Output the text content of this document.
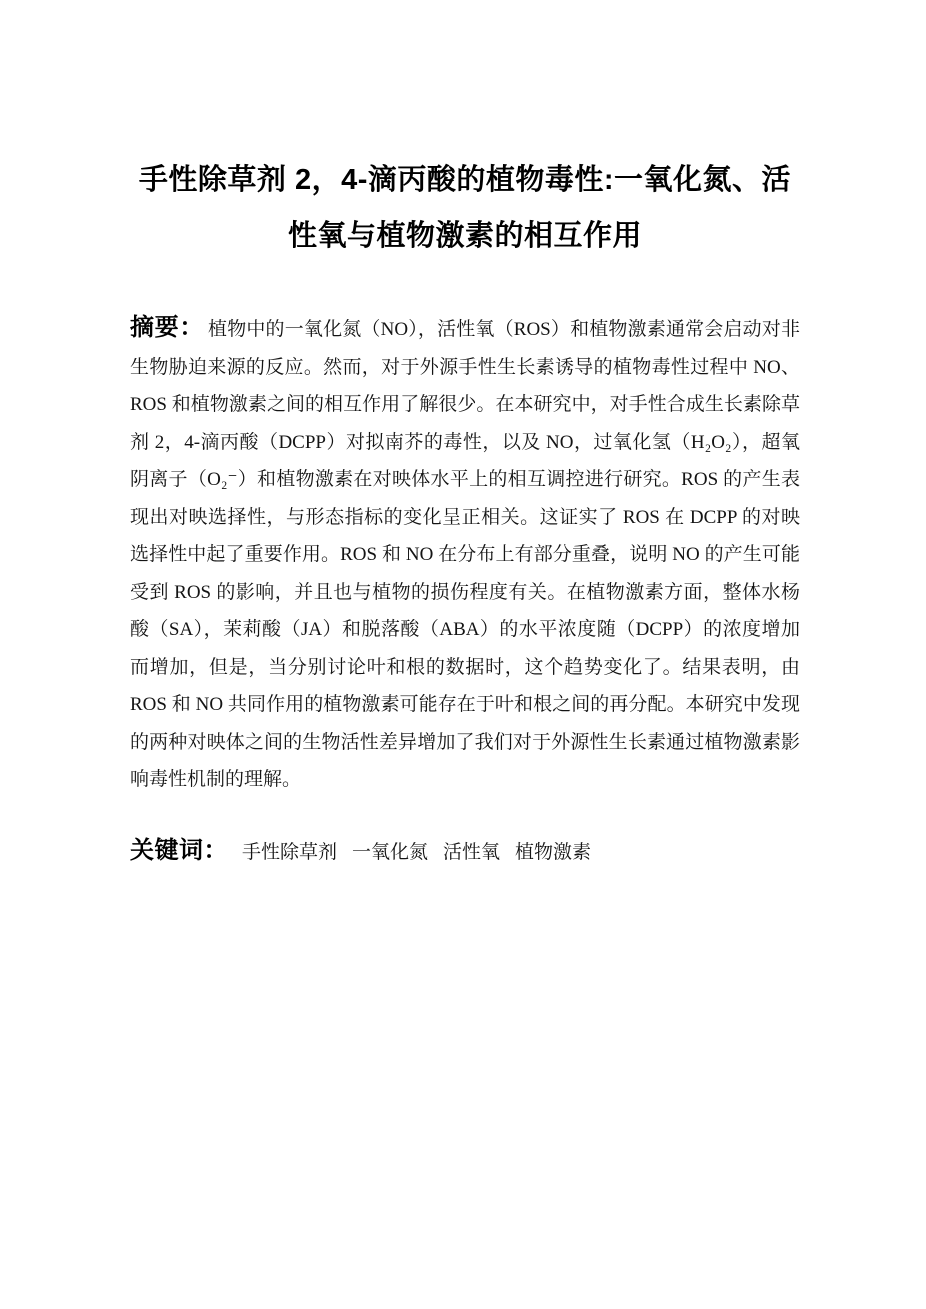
手性除草剂 2，4-滴丙酸的植物毒性:一氧化氮、活
性氧与植物激素的相互作用

摘要： 植物中的一氧化氮（NO），活性氧（ROS）和植物激素通常会启动对非生物胁迫来源的反应。然而，对于外源手性生长素诱导的植物毒性过程中 NO、ROS 和植物激素之间的相互作用了解很少。在本研究中，对手性合成生长素除草剂 2，4-滴丙酸（DCPP）对拟南芥的毒性，以及 NO，过氧化氢（H₂O₂），超氧阴离子（O₂⁻）和植物激素在对映体水平上的相互调控进行研究。ROS 的产生表现出对映选择性，与形态指标的变化呈正相关。这证实了 ROS 在 DCPP 的对映选择性中起了重要作用。ROS 和 NO 在分布上有部分重叠，说明 NO 的产生可能受到 ROS 的影响，并且也与植物的损伤程度有关。在植物激素方面，整体水杨酸（SA），茉莉酸（JA）和脱落酸（ABA）的水平浓度随（DCPP）的浓度增加而增加，但是，当分别讨论叶和根的数据时，这个趋势变化了。结果表明，由 ROS 和 NO 共同作用的植物激素可能存在于叶和根之间的再分配。本研究中发现的两种对映体之间的生物活性差异增加了我们对于外源性生长素通过植物激素影响毒性机制的理解。

关键词： 手性除草剂 一氧化氮 活性氧 植物激素
